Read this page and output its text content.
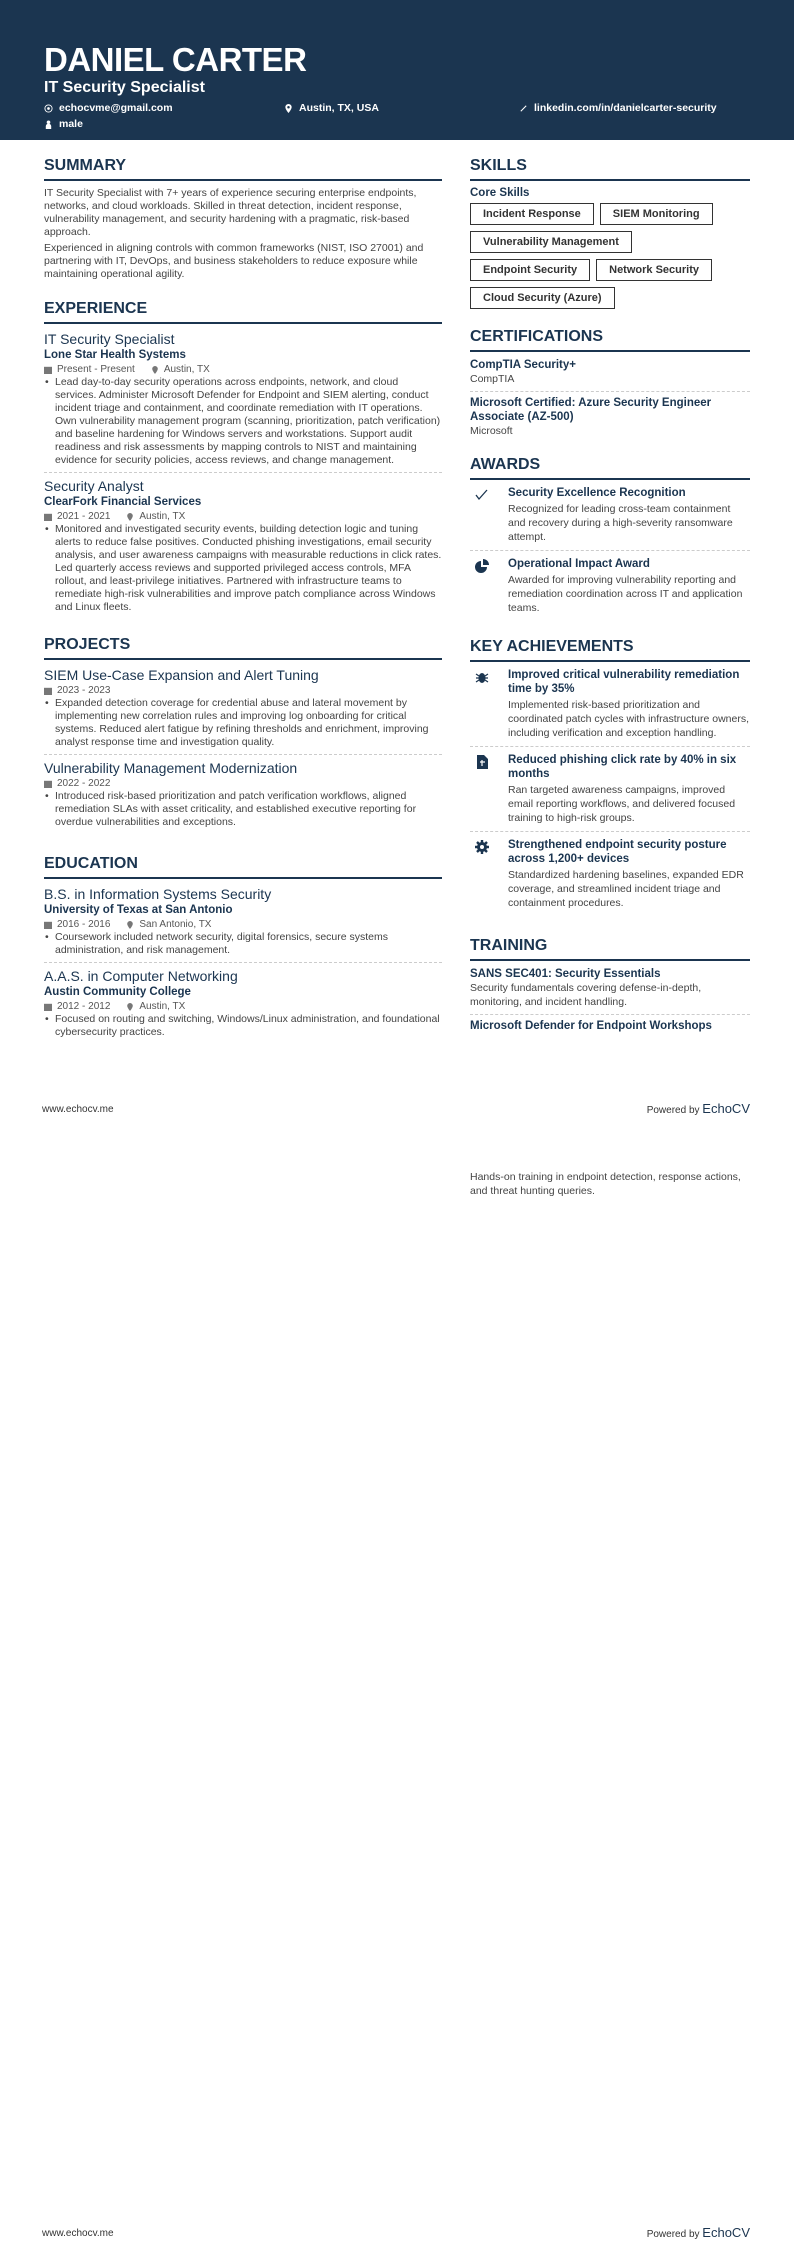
DANIEL CARTER
IT Security Specialist
echocvme@gmail.com	Austin, TX, USA	linkedin.com/in/danielcarter-security
male
SUMMARY

IT Security Specialist with 7+ years of experience securing enterprise endpoints, networks, and cloud workloads. Skilled in threat detection, incident response, vulnerability management, and security hardening with a pragmatic, risk-based approach.

Experienced in aligning controls with common frameworks (NIST, ISO 27001) and partnering with IT, DevOps, and business stakeholders to reduce exposure while maintaining operational agility.

EXPERIENCE
IT Security Specialist
Lone Star Health Systems
Present - Present	Austin, TX
• Lead day-to-day security operations across endpoints, network, and cloud services. Administer Microsoft Defender for Endpoint and SIEM alerting, conduct incident triage and containment, and coordinate remediation with IT operations. Own vulnerability management program (scanning, prioritization, patch verification) and baseline hardening for Windows servers and workstations. Support audit readiness and risk assessments by mapping controls to NIST and maintaining evidence for security policies, access reviews, and change management.
Security Analyst
ClearFork Financial Services
2021 - 2021	Austin, TX
• Monitored and investigated security events, building detection logic and tuning alerts to reduce false positives. Conducted phishing investigations, email security analysis, and user awareness campaigns with measurable reductions in click rates. Led quarterly access reviews and supported privileged access controls, MFA rollout, and least-privilege initiatives. Partnered with infrastructure teams to remediate high-risk vulnerabilities and improve patch compliance across Windows and Linux fleets.
PROJECTS
SIEM Use-Case Expansion and Alert Tuning
2023 - 2023
• Expanded detection coverage for credential abuse and lateral movement by implementing new correlation rules and improving log onboarding for critical systems. Reduced alert fatigue by refining thresholds and enrichment, improving analyst response time and investigation quality.
Vulnerability Management Modernization
2022 - 2022
• Introduced risk-based prioritization and patch verification workflows, aligned remediation SLAs with asset criticality, and established executive reporting for overdue vulnerabilities and exceptions.
EDUCATION
B.S. in Information Systems Security
University of Texas at San Antonio
2016 - 2016	San Antonio, TX
• Coursework included network security, digital forensics, secure systems administration, and risk management.
A.A.S. in Computer Networking
Austin Community College
2012 - 2012	Austin, TX
• Focused on routing and switching, Windows/Linux administration, and foundational cybersecurity practices.
SKILLS
Core Skills
Incident Response	SIEM Monitoring
Vulnerability Management
Endpoint Security	Network Security
Cloud Security (Azure)
CERTIFICATIONS
CompTIA Security+
CompTIA
Microsoft Certified: Azure Security Engineer Associate (AZ-500)
Microsoft
AWARDS
Security Excellence Recognition
Recognized for leading cross-team containment and recovery during a high-severity ransomware attempt.
Operational Impact Award
Awarded for improving vulnerability reporting and remediation coordination across IT and application teams.
KEY ACHIEVEMENTS
Improved critical vulnerability remediation time by 35%
Implemented risk-based prioritization and coordinated patch cycles with infrastructure owners, including verification and exception handling.
Reduced phishing click rate by 40% in six months
Ran targeted awareness campaigns, improved email reporting workflows, and delivered focused training to high-risk groups.
Strengthened endpoint security posture across 1,200+ devices
Standardized hardening baselines, expanded EDR coverage, and streamlined incident triage and containment procedures.
TRAINING
SANS SEC401: Security Essentials
Security fundamentals covering defense-in-depth, monitoring, and incident handling.
Microsoft Defender for Endpoint Workshops
www.echocv.me	Powered by EchoCV
Hands-on training in endpoint detection, response actions, and threat hunting queries.
www.echocv.me	Powered by EchoCV
